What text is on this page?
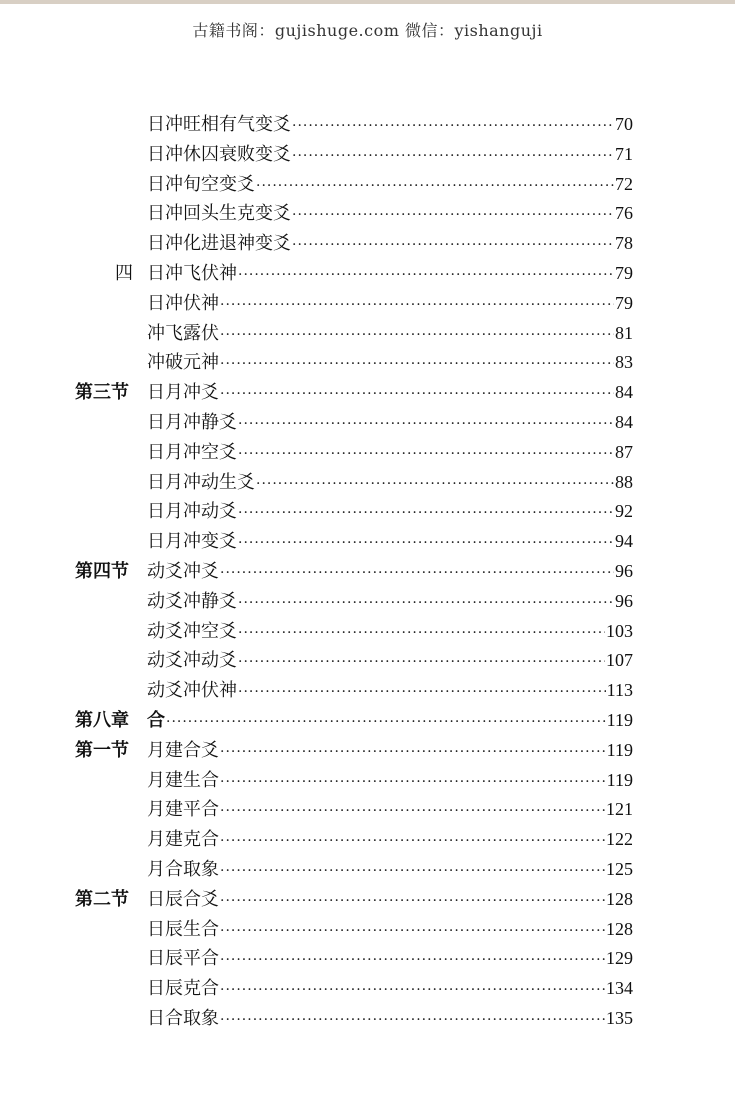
古籍书阁：gujishuge.com 微信：yishanguji
日冲旺相有气变爻 ·····	70
日冲休囚衰败变爻 ·····	71
日冲旬空变爻 ·····	72
日冲回头生克变爻 ·····	76
日冲化进退神变爻 ·····	78
四 日冲飞伏神 ·····	79
日冲伏神 ·····	79
冲飞露伏 ·····	81
冲破元神 ·····	83
第三节	日月冲爻 ·····	84
日月冲静爻 ·····	84
日月冲空爻 ·····	87
日月冲动生爻 ·····	88
日月冲动爻 ·····	92
日月冲变爻 ·····	94
第四节	动爻冲爻 ·····	96
动爻冲静爻 ·····	96
动爻冲空爻 ·····	103
动爻冲动爻 ·····	107
动爻冲伏神 ·····	113
第八章	合 ·····	119
第一节	月建合爻 ·····	119
月建生合 ·····	119
月建平合 ·····	121
月建克合 ·····	122
月合取象 ·····	125
第二节	日辰合爻 ·····	128
日辰生合 ·····	128
日辰平合 ·····	129
日辰克合 ·····	134
日合取象 ·····	135
